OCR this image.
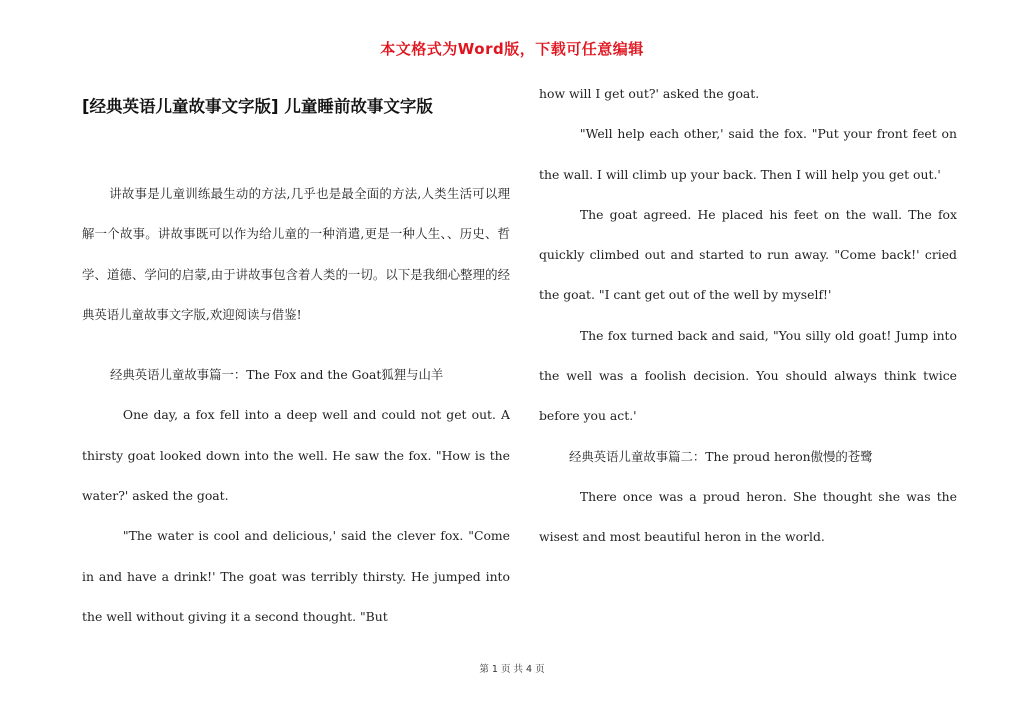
本文格式为Word版，下载可任意编辑
[经典英语儿童故事文字版] 儿童睡前故事文字版

讲故事是儿童训练最生动的方法,几乎也是最全面的方法,人类生活可以理解一个故事。讲故事既可以作为给儿童的一种消遣,更是一种人生、、历史、哲学、道德、学问的启蒙,由于讲故事包含着人类的一切。以下是我细心整理的经典英语儿童故事文字版,欢迎阅读与借鉴!

经典英语儿童故事篇一：The Fox and the Goat狐狸与山羊

One day, a fox fell into a deep well and could not get out. A thirsty goat looked down into the well. He saw the fox. "How is the water?' asked the goat.

"The water is cool and delicious,' said the clever fox. "Come in and have a drink!' The goat was terribly thirsty. He jumped into the well without giving it a second thought. "But

how will I get out?' asked the goat.

"Well help each other,' said the fox. "Put your front feet on the wall. I will climb up your back. Then I will help you get out.'

The goat agreed. He placed his feet on the wall. The fox quickly climbed out and started to run away. "Come back!' cried the goat. "I cant get out of the well by myself!'

The fox turned back and said, "You silly old goat! Jump into the well was a foolish decision. You should always think twice before you act.'

经典英语儿童故事篇二：The proud heron傲慢的苍鹭

There once was a proud heron. She thought she was the wisest and most beautiful heron in the world.

第 1 页 共 4 页
